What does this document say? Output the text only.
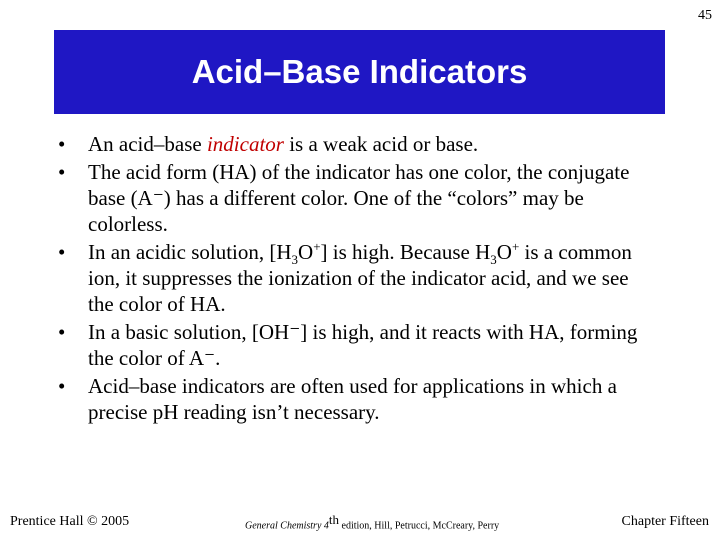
45
Acid–Base Indicators
• An acid–base indicator is a weak acid or base.
• The acid form (HA) of the indicator has one color, the conjugate base (A⁻) has a different color. One of the “colors” may be colorless.
• In an acidic solution, $[H_3O^+]$ is high. Because $H_3O^+$ is a common ion, it suppresses the ionization of the indicator acid, and we see the color of HA.
• In a basic solution, [OH⁻] is high, and it reacts with HA, forming the color of A⁻.
• Acid–base indicators are often used for applications in which a precise pH reading isn’t necessary.
Prentice Hall © 2005	General Chemistry 4th edition, Hill, Petrucci, McCreary, Perry	Chapter Fifteen
